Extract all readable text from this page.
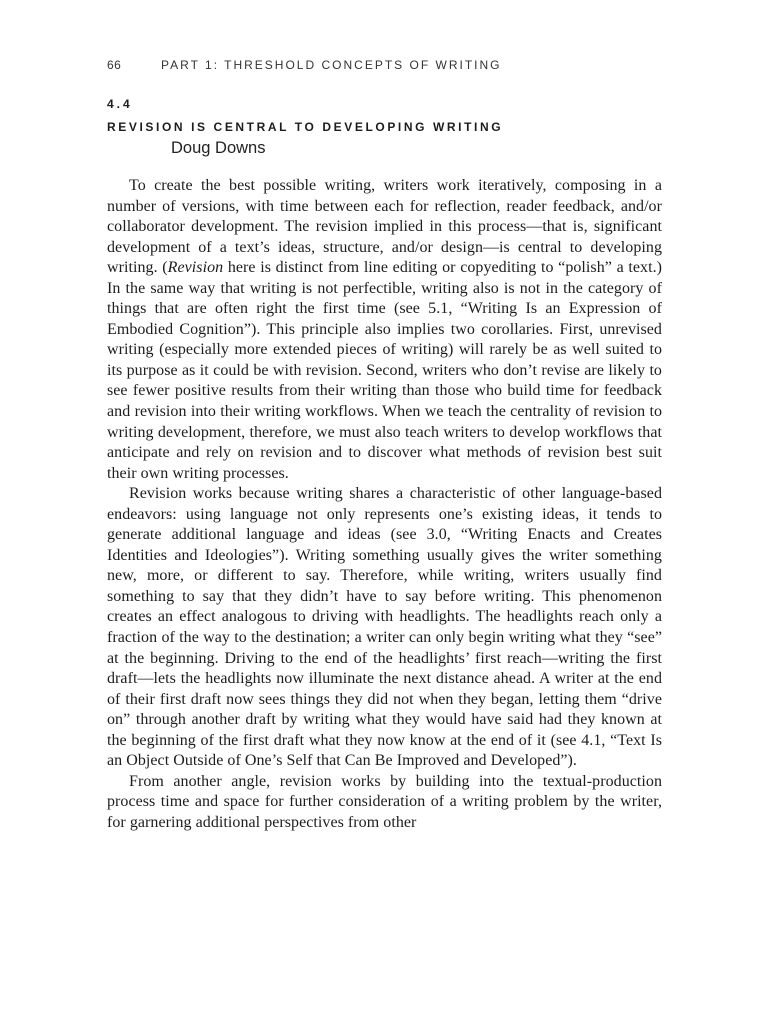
66	PART 1: THRESHOLD CONCEPTS OF WRITING
4.4
REVISION IS CENTRAL TO DEVELOPING WRITING
Doug Downs

To create the best possible writing, writers work iteratively, composing in a number of versions, with time between each for reflection, reader feedback, and/or collaborator development. The revision implied in this process—that is, significant development of a text’s ideas, structure, and/or design—is central to developing writing. (Revision here is distinct from line editing or copyediting to “polish” a text.) In the same way that writing is not perfectible, writing also is not in the category of things that are often right the first time (see 5.1, “Writing Is an Expression of Embodied Cognition”). This principle also implies two corollaries. First, unrevised writing (especially more extended pieces of writing) will rarely be as well suited to its purpose as it could be with revision. Second, writers who don’t revise are likely to see fewer positive results from their writing than those who build time for feedback and revision into their writing workflows. When we teach the centrality of revision to writing development, therefore, we must also teach writers to develop workflows that anticipate and rely on revision and to discover what methods of revision best suit their own writing processes.

Revision works because writing shares a characteristic of other language-based endeavors: using language not only represents one’s existing ideas, it tends to generate additional language and ideas (see 3.0, “Writing Enacts and Creates Identities and Ideologies”). Writing something usually gives the writer something new, more, or different to say. Therefore, while writing, writers usually find something to say that they didn’t have to say before writing. This phenomenon creates an effect analogous to driving with headlights. The headlights reach only a fraction of the way to the destination; a writer can only begin writing what they “see” at the beginning. Driving to the end of the headlights’ first reach—writing the first draft—lets the headlights now illuminate the next distance ahead. A writer at the end of their first draft now sees things they did not when they began, letting them “drive on” through another draft by writing what they would have said had they known at the beginning of the first draft what they now know at the end of it (see 4.1, “Text Is an Object Outside of One’s Self that Can Be Improved and Developed”).

From another angle, revision works by building into the textual-production process time and space for further consideration of a writing problem by the writer, for garnering additional perspectives from other
